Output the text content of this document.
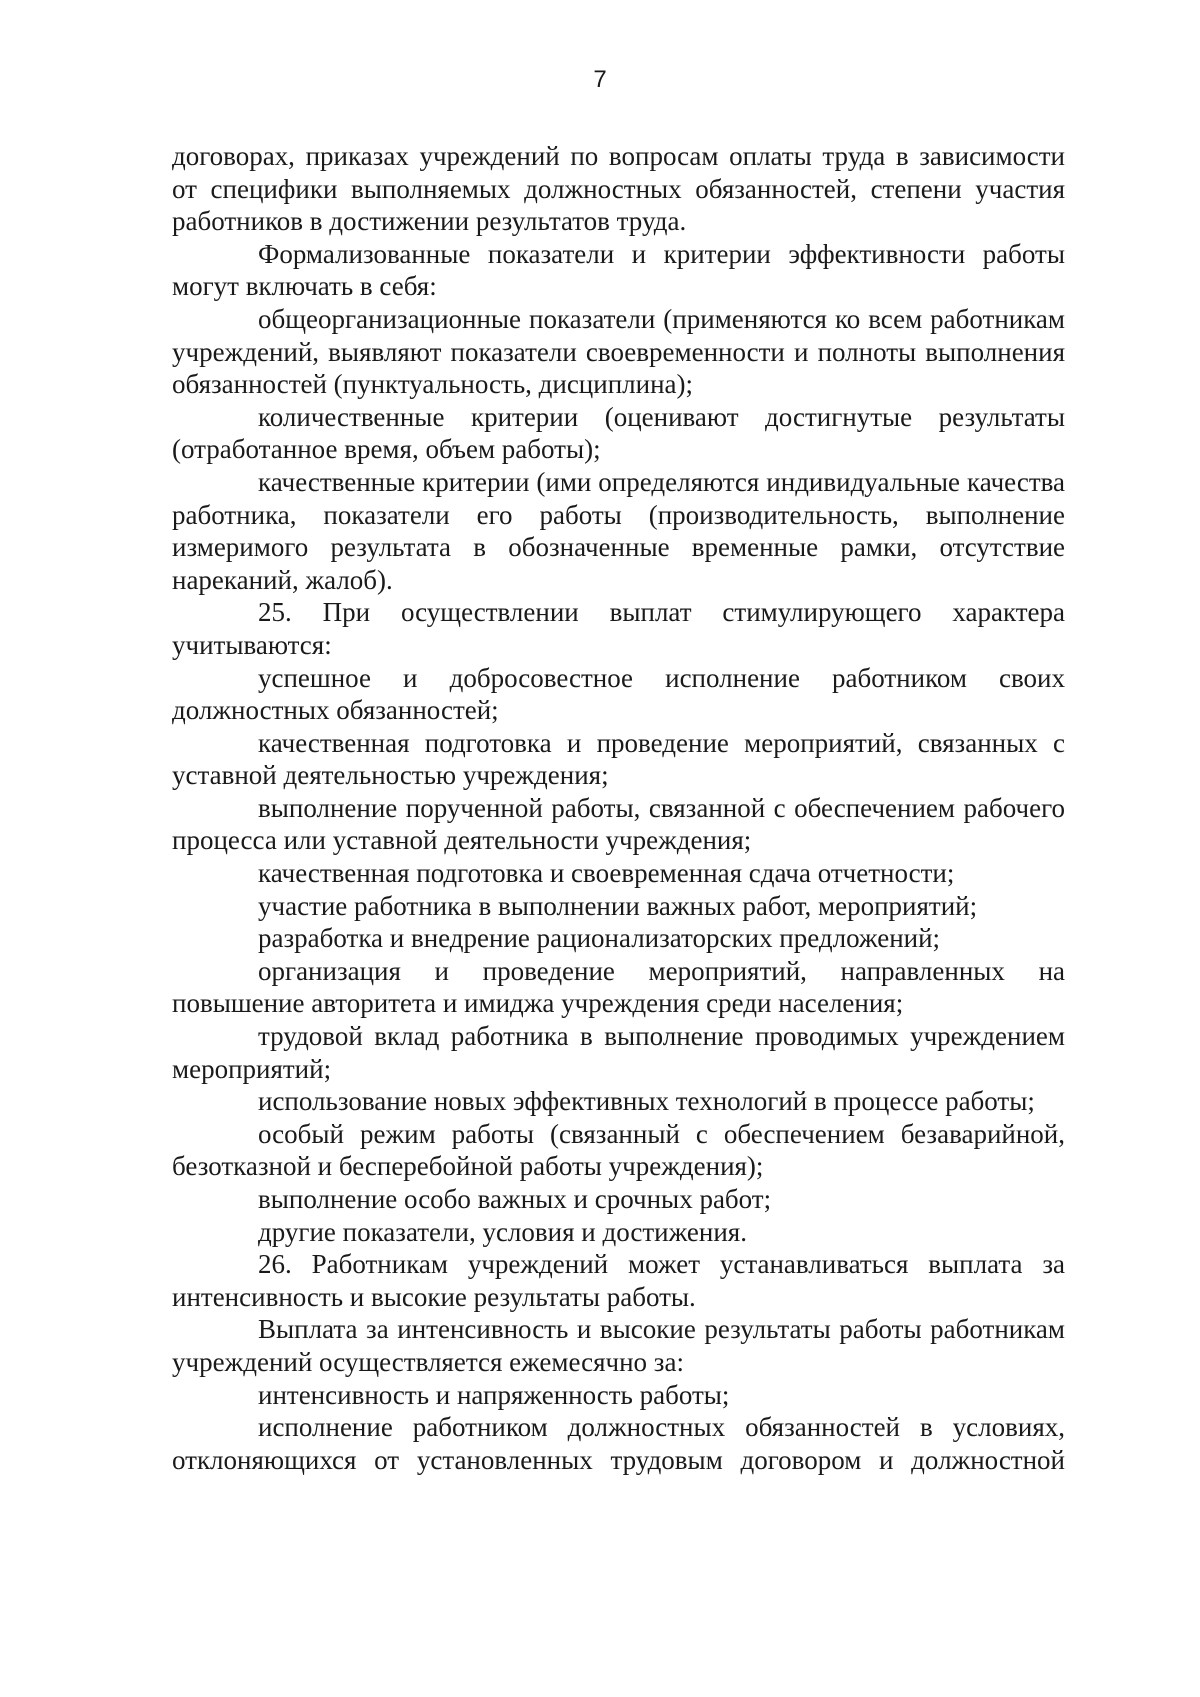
7

договорах, приказах учреждений по вопросам оплаты труда в зависимости от специфики выполняемых должностных обязанностей, степени участия работников в достижении результатов труда.

Формализованные показатели и критерии эффективности работы могут включать в себя:

общеорганизационные показатели (применяются ко всем работникам учреждений, выявляют показатели своевременности и полноты выполнения обязанностей (пунктуальность, дисциплина);

количественные критерии (оценивают достигнутые результаты (отработанное время, объем работы);

качественные критерии (ими определяются индивидуальные качества работника, показатели его работы (производительность, выполнение измеримого результата в обозначенные временные рамки, отсутствие нареканий, жалоб).

25. При осуществлении выплат стимулирующего характера учитываются:

успешное и добросовестное исполнение работником своих должностных обязанностей;

качественная подготовка и проведение мероприятий, связанных с уставной деятельностью учреждения;

выполнение порученной работы, связанной с обеспечением рабочего процесса или уставной деятельности учреждения;

качественная подготовка и своевременная сдача отчетности;

участие работника в выполнении важных работ, мероприятий;

разработка и внедрение рационализаторских предложений;

организация и проведение мероприятий, направленных на повышение авторитета и имиджа учреждения среди населения;

трудовой вклад работника в выполнение проводимых учреждением мероприятий;

использование новых эффективных технологий в процессе работы;

особый режим работы (связанный с обеспечением безаварийной, безотказной и бесперебойной работы учреждения);

выполнение особо важных и срочных работ;

другие показатели, условия и достижения.

26. Работникам учреждений может устанавливаться выплата за интенсивность и высокие результаты работы.

Выплата за интенсивность и высокие результаты работы работникам учреждений осуществляется ежемесячно за:

интенсивность и напряженность работы;

исполнение работником должностных обязанностей в условиях, отклоняющихся от установленных трудовым договором и должностной
